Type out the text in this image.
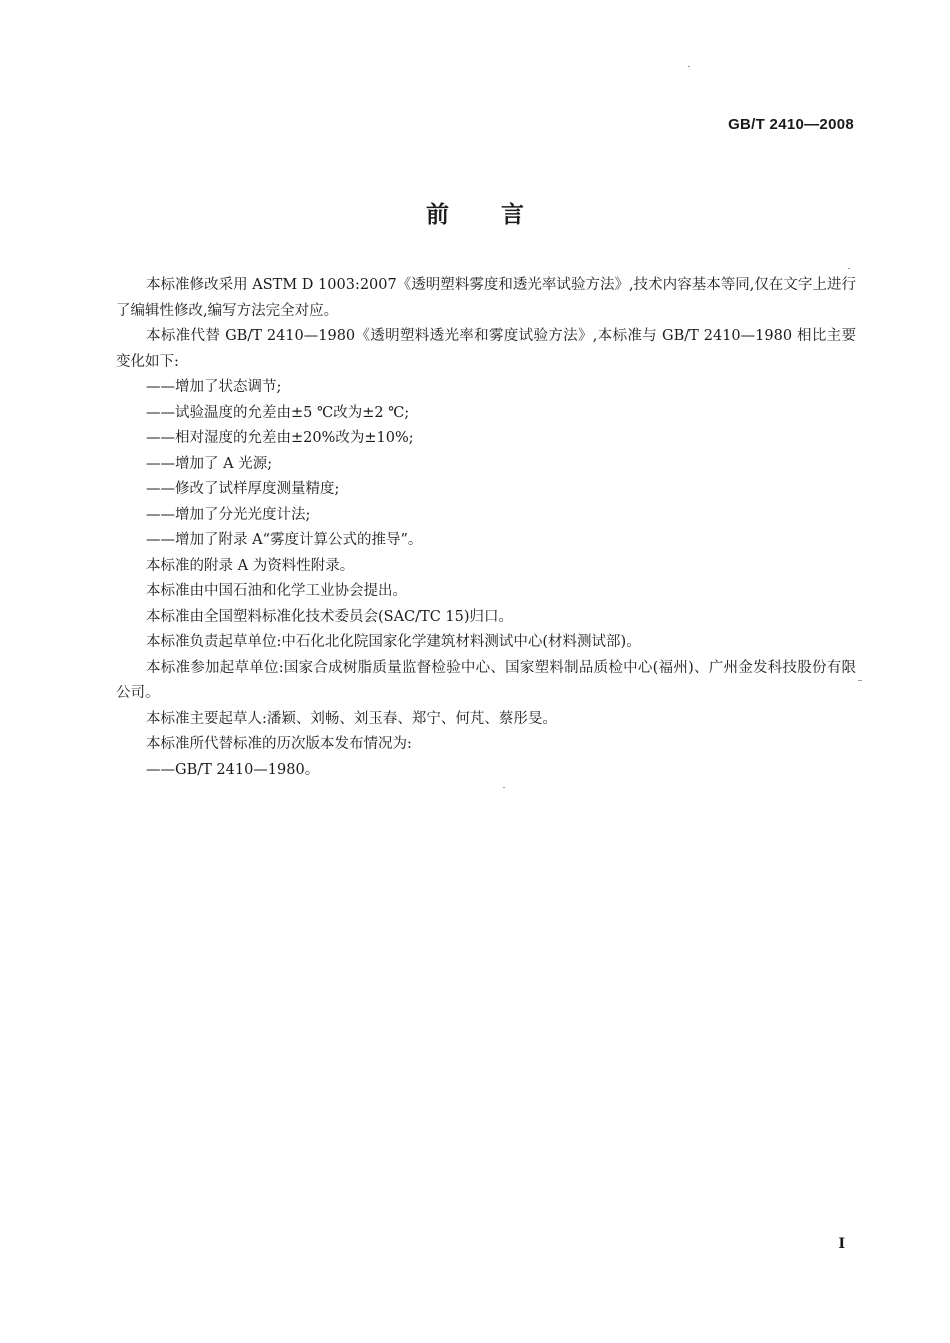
GB/T 2410—2008
前言

本标准修改采用 ASTM D 1003:2007《透明塑料雾度和透光率试验方法》,技术内容基本等同,仅在文字上进行了编辑性修改,编写方法完全对应。

本标准代替 GB/T 2410—1980《透明塑料透光率和雾度试验方法》,本标准与 GB/T 2410—1980 相比主要变化如下:

——增加了状态调节;

——试验温度的允差由±5 ℃改为±2 ℃;

——相对湿度的允差由±20%改为±10%;

——增加了 A 光源;

——修改了试样厚度测量精度;

——增加了分光光度计法;

——增加了附录 A“雾度计算公式的推导”。

本标准的附录 A 为资料性附录。

本标准由中国石油和化学工业协会提出。

本标准由全国塑料标准化技术委员会(SAC/TC 15)归口。

本标准负责起草单位:中石化北化院国家化学建筑材料测试中心(材料测试部)。

本标准参加起草单位:国家合成树脂质量监督检验中心、国家塑料制品质检中心(福州)、广州金发科技股份有限公司。

本标准主要起草人:潘颖、刘畅、刘玉春、郑宁、何芃、蔡彤旻。

本标准所代替标准的历次版本发布情况为:

——GB/T 2410—1980。

I
